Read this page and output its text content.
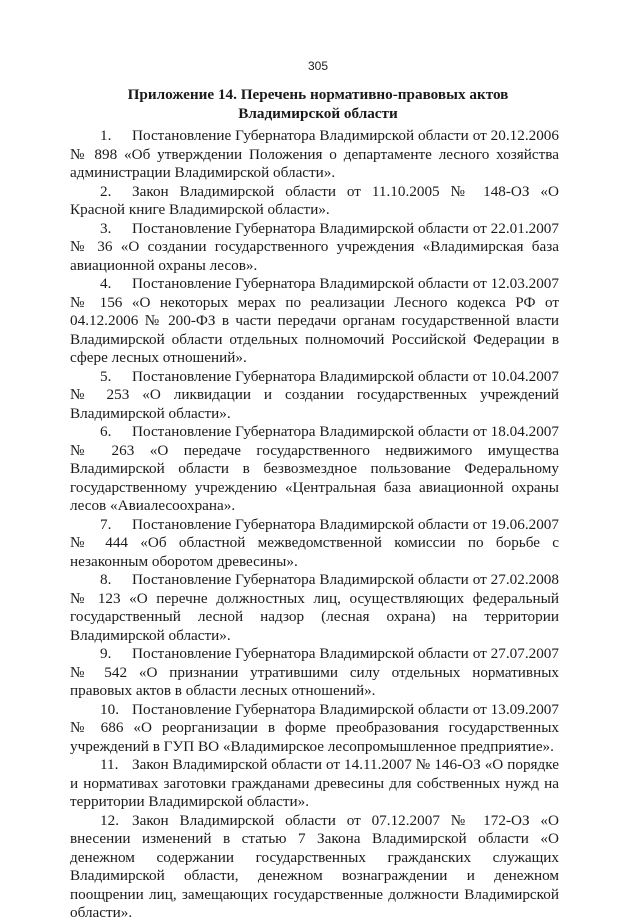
305
Приложение 14. Перечень нормативно-правовых актов
Владимирской области
1. Постановление Губернатора Владимирской области от 20.12.2006 № 898 «Об утверждении Положения о департаменте лесного хозяйства администрации Владимирской области».
2. Закон Владимирской области от 11.10.2005 № 148-ОЗ «О Красной книге Владимирской области».
3. Постановление Губернатора Владимирской области от 22.01.2007 № 36 «О создании государственного учреждения «Владимирская база авиационной охраны лесов».
4. Постановление Губернатора Владимирской области от 12.03.2007 № 156 «О некоторых мерах по реализации Лесного кодекса РФ от 04.12.2006 № 200-ФЗ в части передачи органам государственной власти Владимирской области отдельных полномочий Российской Федерации в сфере лесных отношений».
5. Постановление Губернатора Владимирской области от 10.04.2007 № 253 «О ликвидации и создании государственных учреждений Владимирской области».
6. Постановление Губернатора Владимирской области от 18.04.2007 № 263 «О передаче государственного недвижимого имущества Владимирской области в безвозмездное пользование Федеральному государственному учреждению «Центральная база авиационной охраны лесов «Авиалесоохрана».
7. Постановление Губернатора Владимирской области от 19.06.2007 № 444 «Об областной межведомственной комиссии по борьбе с незаконным оборотом древесины».
8. Постановление Губернатора Владимирской области от 27.02.2008 № 123 «О перечне должностных лиц, осуществляющих федеральный государственный лесной надзор (лесная охрана) на территории Владимирской области».
9. Постановление Губернатора Владимирской области от 27.07.2007 № 542 «О признании утратившими силу отдельных нормативных правовых актов в области лесных отношений».
10. Постановление Губернатора Владимирской области от 13.09.2007 № 686 «О реорганизации в форме преобразования государственных учреждений в ГУП ВО «Владимирское лесопромышленное предприятие».
11. Закон Владимирской области от 14.11.2007 № 146-ОЗ «О порядке и нормативах заготовки гражданами древесины для собственных нужд на территории Владимирской области».
12. Закон Владимирской области от 07.12.2007 № 172-ОЗ «О внесении изменений в статью 7 Закона Владимирской области «О денежном содержании государственных гражданских служащих Владимирской области, денежном вознаграждении и денежном поощрении лиц, замещающих государственные должности Владимирской области».
